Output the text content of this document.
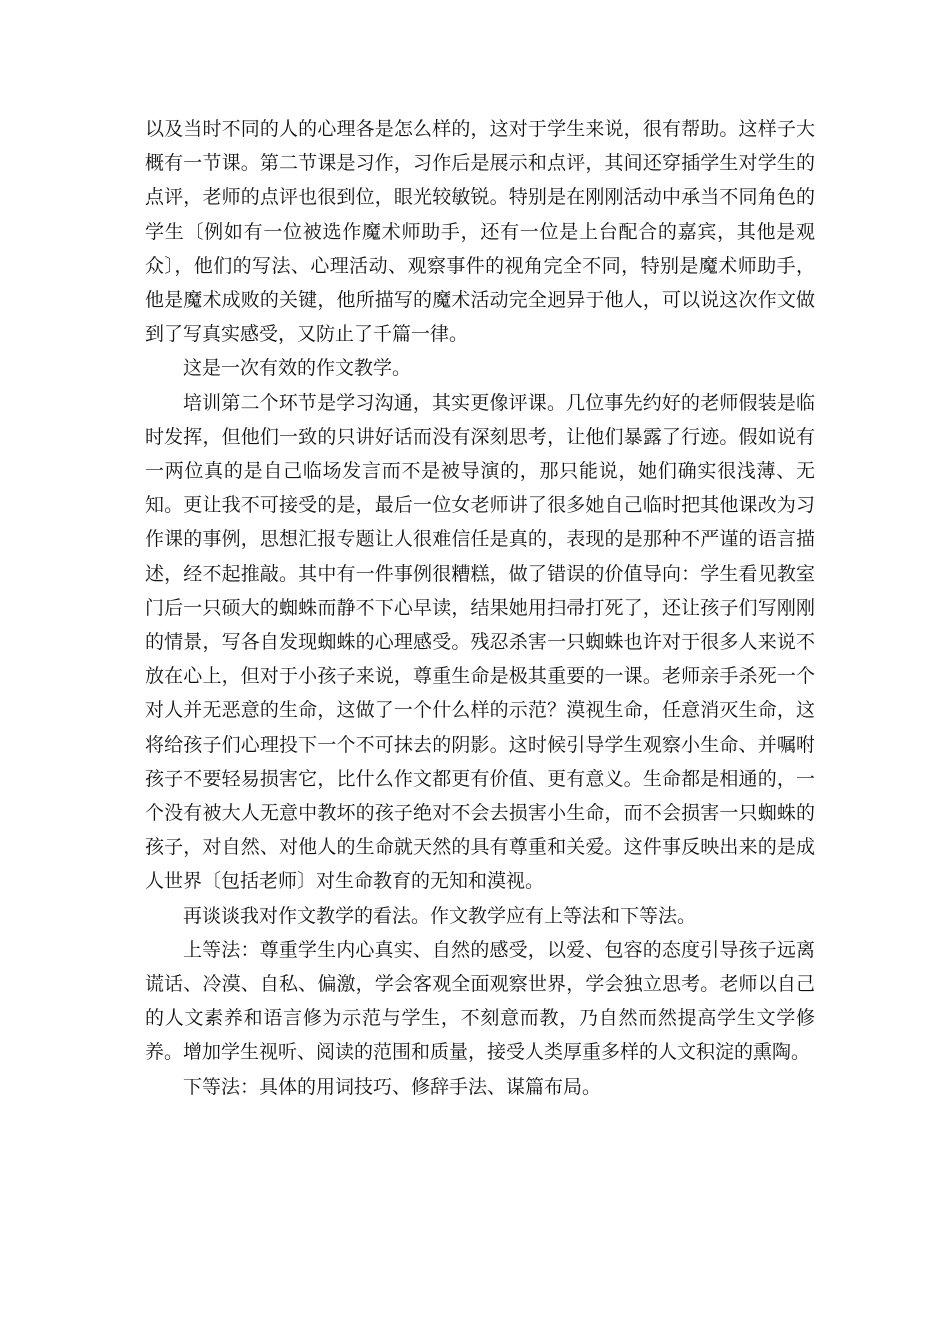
以及当时不同的人的心理各是怎么样的，这对于学生来说，很有帮助。这样子大概有一节课。第二节课是习作，习作后是展示和点评，其间还穿插学生对学生的点评，老师的点评也很到位，眼光较敏锐。特别是在刚刚活动中承当不同角色的学生〔例如有一位被选作魔术师助手，还有一位是上台配合的嘉宾，其他是观众〕，他们的写法、心理活动、观察事件的视角完全不同，特别是魔术师助手，他是魔术成败的关键，他所描写的魔术活动完全迥异于他人，可以说这次作文做到了写真实感受，又防止了千篇一律。

这是一次有效的作文教学。

培训第二个环节是学习沟通，其实更像评课。几位事先约好的老师假装是临时发挥，但他们一致的只讲好话而没有深刻思考，让他们暴露了行迹。假如说有一两位真的是自己临场发言而不是被导演的，那只能说，她们确实很浅薄、无知。更让我不可接受的是，最后一位女老师讲了很多她自己临时把其他课改为习作课的事例，思想汇报专题让人很难信任是真的，表现的是那种不严谨的语言描述，经不起推敲。其中有一件事例很糟糕，做了错误的价值导向：学生看见教室门后一只硕大的蜘蛛而静不下心早读，结果她用扫帚打死了，还让孩子们写刚刚的情景，写各自发现蜘蛛的心理感受。残忍杀害一只蜘蛛也许对于很多人来说不放在心上，但对于小孩子来说，尊重生命是极其重要的一课。老师亲手杀死一个对人并无恶意的生命，这做了一个什么样的示范？漠视生命，任意消灭生命，这将给孩子们心理投下一个不可抹去的阴影。这时候引导学生观察小生命、并嘱咐孩子不要轻易损害它，比什么作文都更有价值、更有意义。生命都是相通的，一个没有被大人无意中教坏的孩子绝对不会去损害小生命，而不会损害一只蜘蛛的孩子，对自然、对他人的生命就天然的具有尊重和关爱。这件事反映出来的是成人世界〔包括老师〕对生命教育的无知和漠视。

再谈谈我对作文教学的看法。作文教学应有上等法和下等法。

上等法：尊重学生内心真实、自然的感受，以爱、包容的态度引导孩子远离谎话、冷漠、自私、偏激，学会客观全面观察世界，学会独立思考。老师以自己的人文素养和语言修为示范与学生，不刻意而教，乃自然而然提高学生文学修养。增加学生视听、阅读的范围和质量，接受人类厚重多样的人文积淀的熏陶。

下等法：具体的用词技巧、修辞手法、谋篇布局。
